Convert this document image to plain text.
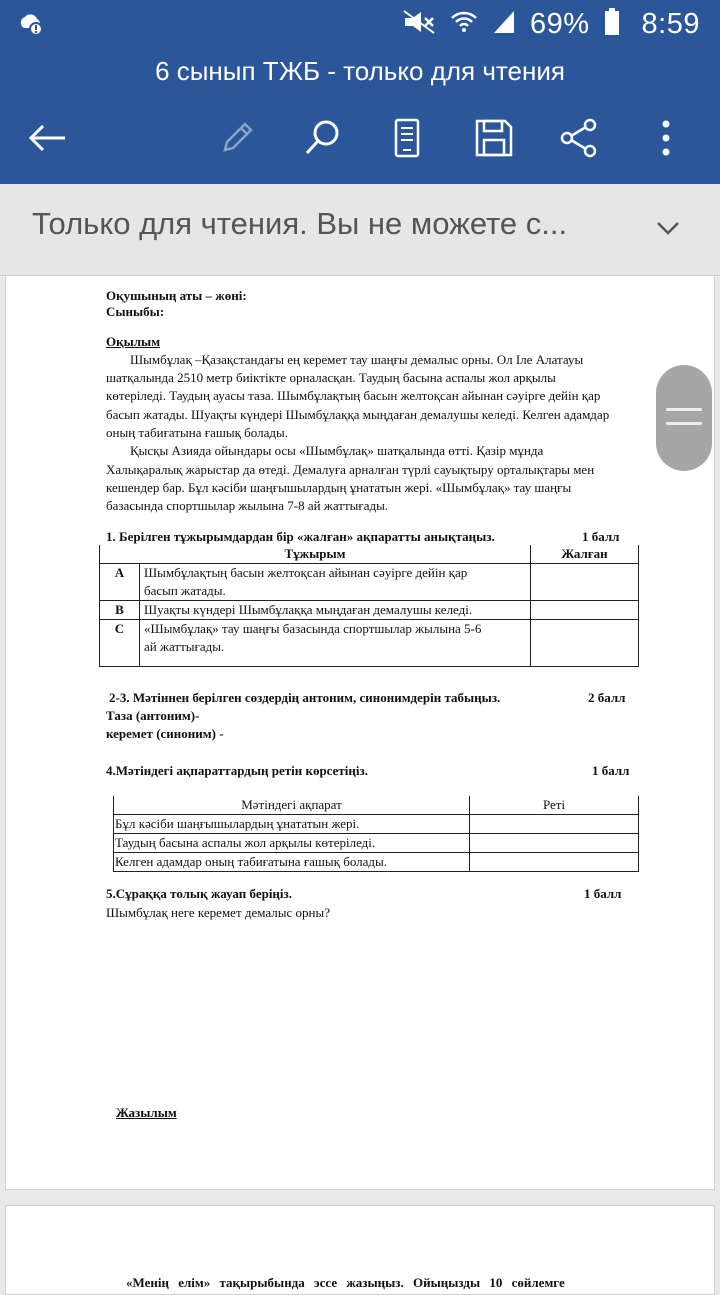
69% 8:59
6 сынып ТЖБ - только для чтения
Только для чтения. Вы не можете с...
Оқушының аты – жөні:
Сыныбы:
Оқылым
Шымбұлақ –Қазақстандағы ең керемет тау шаңғы демалыс орны. Ол Іле Алатауы
шатқалында 2510 метр биіктікте орналасқан. Таудың басына аспалы жол арқылы
көтеріледі. Таудың ауасы таза. Шымбұлақтың басын желтоқсан айынан сәуірге дейін қар
басып жатады. Шуақты күндері Шымбұлаққа мыңдаған демалушы келеді. Келген адамдар
оның табиғатына ғашық болады.
Қысқы Азияда ойындары осы «Шымбұлақ» шатқалында өтті. Қазір мұнда
Халықаралық жарыстар да өтеді. Демалуға арналған түрлі сауықтыру орталықтары мен
кешендер бар. Бұл кәсіби шаңғышылардың ұнататын жері. «Шымбұлақ» тау шаңғы
базасында спортшылар жылына 7-8 ай жаттығады.
1. Берілген тұжырымдардан бір «жалған» ақпаратты анықтаңыз.	1 балл
Тұжырым		Жалған
A	Шымбұлақтың басын желтоқсан айынан сәуірге дейін қар
басып жатады.	

B	Шуақты күндері Шымбұлаққа мыңдаған демалушы келеді.	
C	«Шымбұлақ» тау шаңғы базасында спортшылар жылына 5-6
ай жаттығады.	

2-3. Мәтіннен берілген сөздердің антоним, синонимдерін табыңыз.	2 балл
Таза (антоним)-
керемет (синоним) -
4.Мәтіндегі ақпараттардың ретін көрсетіңіз.	1 балл
Мәтіндегі ақпарат	Реті
Бұл кәсіби шаңғышылардың ұнататын жері.	
Таудың басына аспалы жол арқылы көтеріледі.	
Келген адамдар оның табиғатына ғашық болады.	
5.Сұраққа толық жауап беріңіз.	1 балл
Шымбұлақ неге керемет демалыс орны?
Жазылым
«Менің елім» тақырыбында эссе жазыңыз. Ойыңызды 10 сөйлемге
